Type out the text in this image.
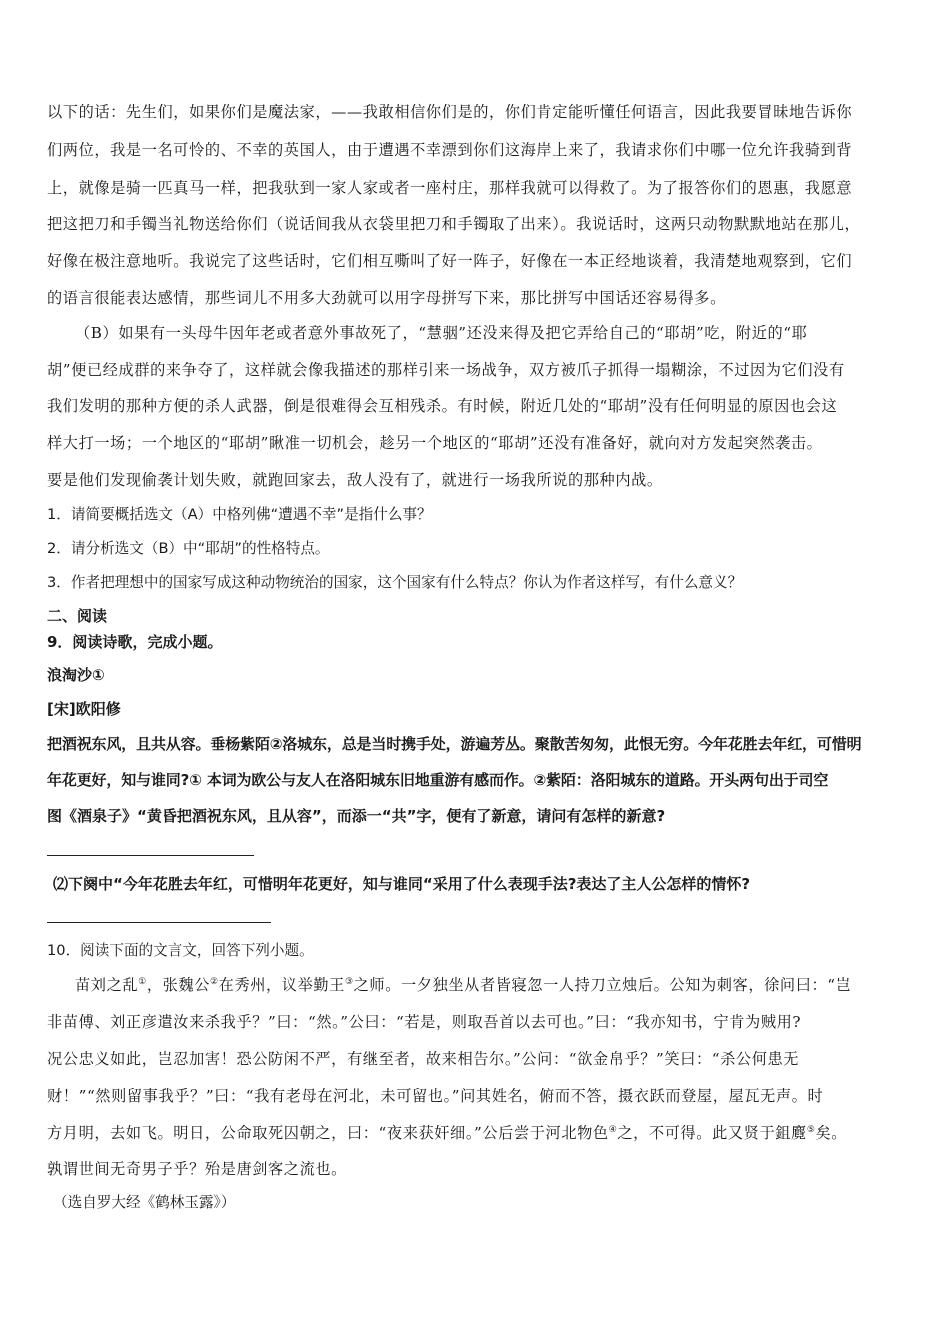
以下的话：先生们，如果你们是魔法家，——我敢相信你们是的，你们肯定能听懂任何语言，因此我要冒昧地告诉你
们两位，我是一名可怜的、不幸的英国人，由于遭遇不幸漂到你们这海岸上来了，我请求你们中哪一位允许我骑到背
上，就像是骑一匹真马一样，把我驮到一家人家或者一座村庄，那样我就可以得救了。为了报答你们的恩惠，我愿意
把这把刀和手镯当礼物送给你们（说话间我从衣袋里把刀和手镯取了出来）。我说话时，这两只动物默默地站在那儿，
好像在极注意地听。我说完了这些话时，它们相互嘶叫了好一阵子，好像在一本正经地谈着，我清楚地观察到，它们
的语言很能表达感情，那些词儿不用多大劲就可以用字母拼写下来，那比拼写中国话还容易得多。
（B）如果有一头母牛因年老或者意外事故死了，“慧骃”还没来得及把它弄给自己的“耶胡”吃，附近的“耶
胡”便已经成群的来争夺了，这样就会像我描述的那样引来一场战争，双方被爪子抓得一塌糊涂，不过因为它们没有
我们发明的那种方便的杀人武器，倒是很难得会互相残杀。有时候，附近几处的“耶胡”没有任何明显的原因也会这
样大打一场；一个地区的“耶胡”瞅准一切机会，趁另一个地区的“耶胡”还没有准备好，就向对方发起突然袭击。
要是他们发现偷袭计划失败，就跑回家去，敌人没有了，就进行一场我所说的那种内战。
1．请简要概括选文（A）中格列佛“遭遇不幸”是指什么事？
2．请分析选文（B）中“耶胡”的性格特点。
3．作者把理想中的国家写成这种动物统治的国家，这个国家有什么特点？你认为作者这样写，有什么意义？
二、阅读
9．阅读诗歌，完成小题。
浪淘沙①
[宋]欧阳修
把酒祝东风，且共从容。垂杨紫陌②洛城东，总是当时携手处，游遍芳丛。聚散苦匆匆，此恨无穷。今年花胜去年红，可惜明
年花更好，知与谁同?① 本词为欧公与友人在洛阳城东旧地重游有感而作。②紫陌：洛阳城东的道路。开头两句出于司空
图《酒泉子》“黄昏把酒祝东风，且从容”，而添一“共”字，便有了新意，请问有怎样的新意?
⑵下阕中“今年花胜去年红，可惜明年花更好，知与谁同“采用了什么表现手法?表达了主人公怎样的情怀?
10．阅读下面的文言文，回答下列小题。
苗刘之乱①，张魏公②在秀州，议举勤王③之师。一夕独坐从者皆寝忽一人持刀立烛后。公知为刺客，徐问曰：“岂
非苗傅、刘正彦遣汝来杀我乎？”曰：“然。”公曰：“若是，则取吾首以去可也。”曰：“我亦知书，宁肯为贼用?
况公忠义如此，岂忍加害！恐公防闲不严，有继至者，故来相告尔。”公问：“欲金帛乎？”笑曰：“杀公何患无
财！”“然则留事我乎？”曰：“我有老母在河北，未可留也。”问其姓名，俯而不答，摄衣跃而登屋，屋瓦无声。时
方月明，去如飞。明日，公命取死囚朝之，曰：“夜来获奸细。”公后尝于河北物色④之，不可得。此又贤于鉏麑⑤矣。
孰谓世间无奇男子乎？殆是唐剑客之流也。
（选自罗大经《鹤林玉露》）
